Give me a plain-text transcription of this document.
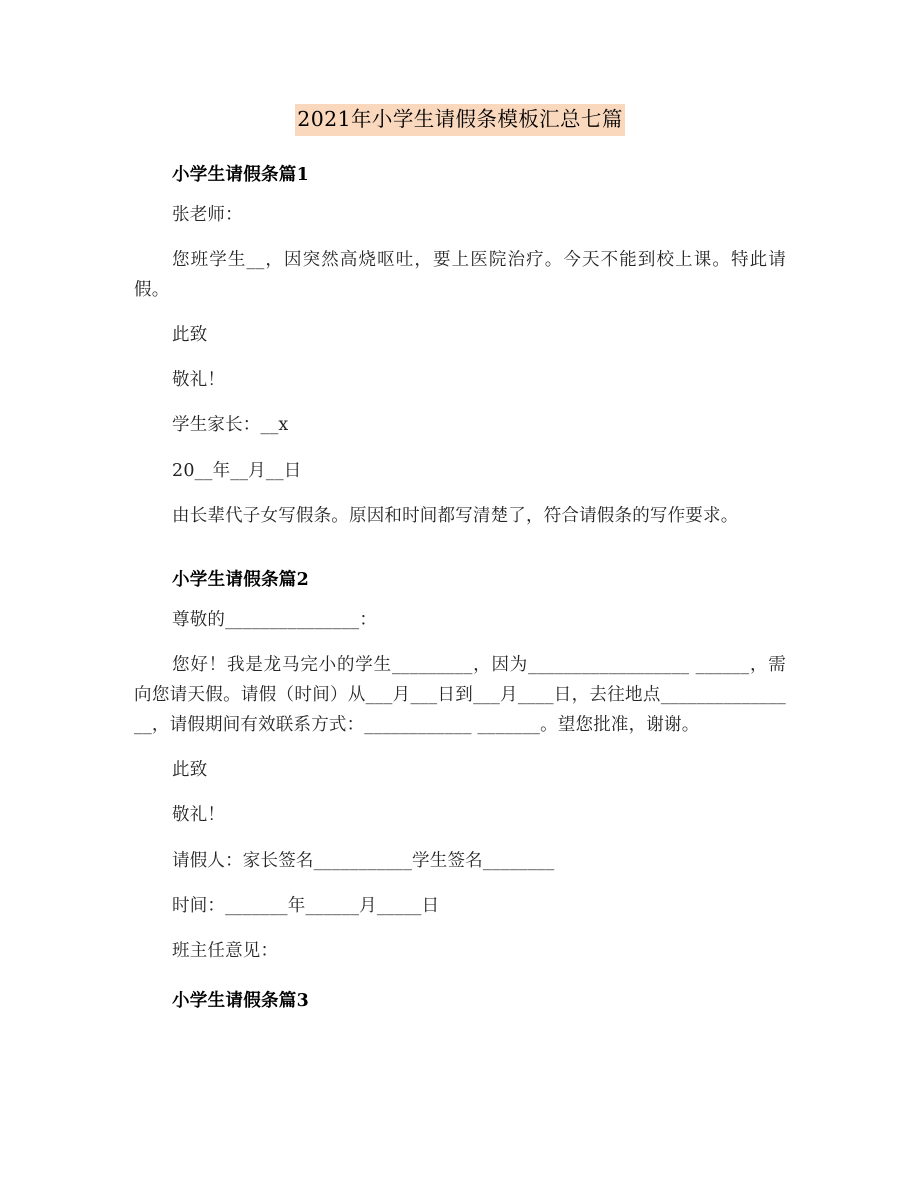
2021年小学生请假条模板汇总七篇
小学生请假条篇1

张老师：

您班学生__，因突然高烧呕吐，要上医院治疗。今天不能到校上课。特此请假。

此致

敬礼！

学生家长：__x

20__年__月__日

由长辈代子女写假条。原因和时间都写清楚了，符合请假条的写作要求。

小学生请假条篇2

尊敬的_______________：

您好！我是龙马完小的学生_________，因为__________________ ______，需向您请天假。请假（时间）从___月___日到___月____日，去往地点________________，请假期间有效联系方式：____________ _______。望您批准，谢谢。

此致

敬礼！

请假人：家长签名___________学生签名________

时间：_______年______月_____日

班主任意见：

小学生请假条篇3
